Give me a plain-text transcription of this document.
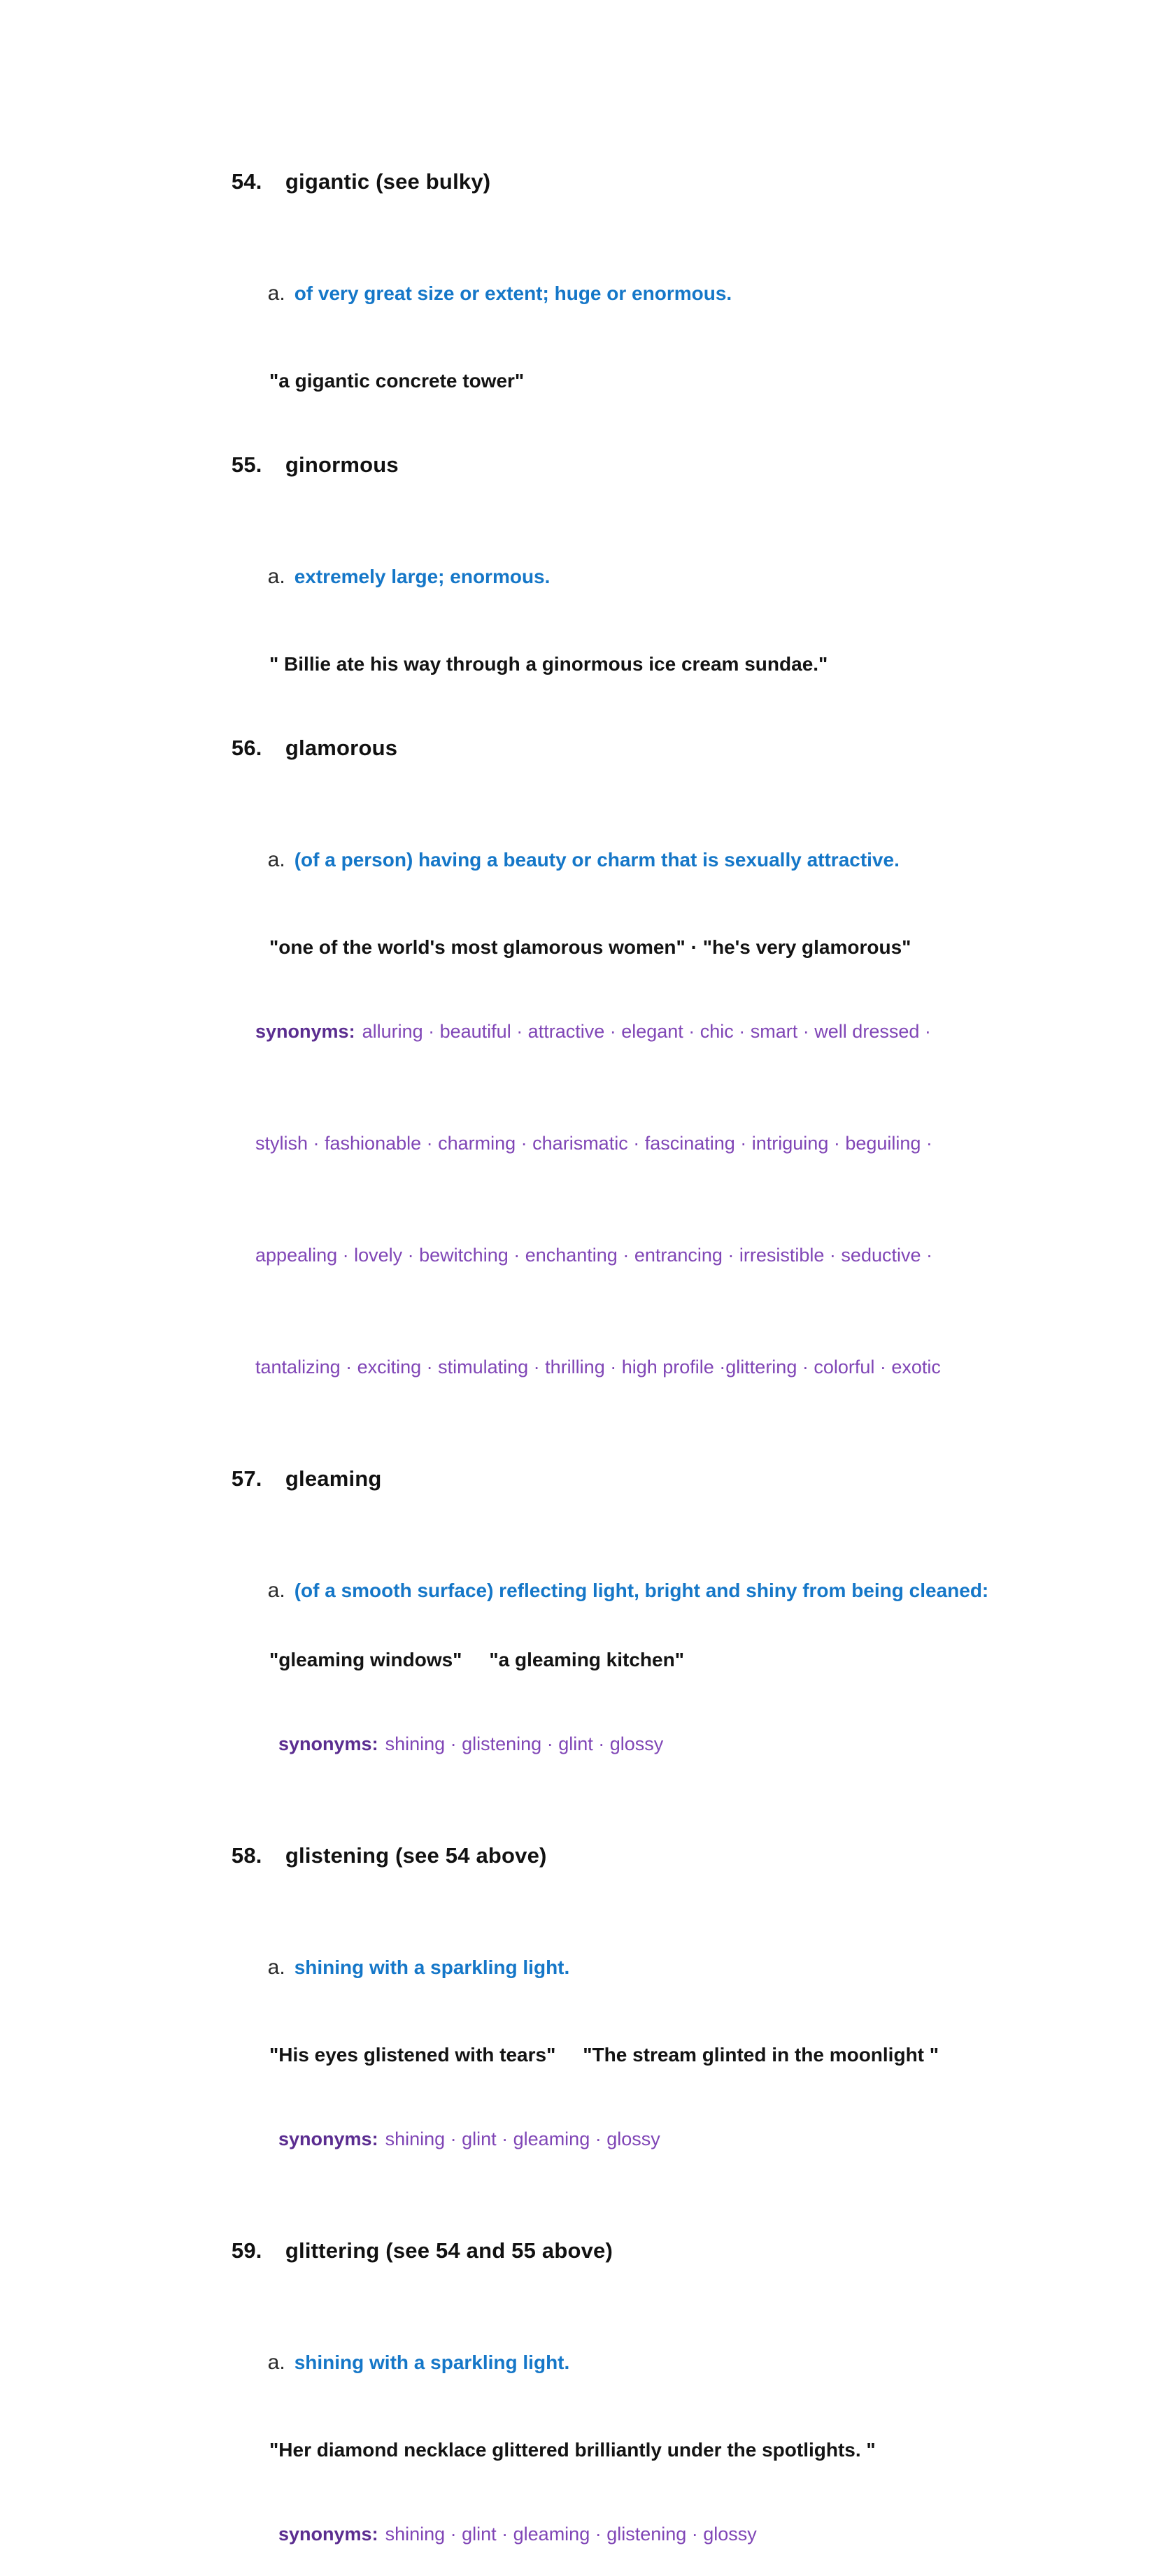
54. gigantic (see bulky)

a. of very great size or extent; huge or enormous.

"a gigantic concrete tower"

55. ginormous

a. extremely large; enormous.

" Billie ate his way through a ginormous ice cream sundae."

56. glamorous

a. (of a person) having a beauty or charm that is sexually attractive.

"one of the world's most glamorous women" · "he's very glamorous"

synonyms: alluring · beautiful · attractive · elegant · chic · smart · well dressed ·

stylish · fashionable · charming · charismatic · fascinating · intriguing · beguiling ·

appealing · lovely · bewitching · enchanting · entrancing · irresistible · seductive ·

tantalizing · exciting · stimulating · thrilling · high profile ·glittering · colorful · exotic

57. gleaming

a. (of a smooth surface) reflecting light, bright and shiny from being cleaned:

"gleaming windows"     "a gleaming kitchen"

synonyms: shining · glistening · glint · glossy

58. glistening (see 54 above)

a. shining with a sparkling light.

"His eyes glistened with tears"     "The stream glinted in the moonlight "

synonyms: shining · glint · gleaming · glossy

59. glittering (see 54 and 55 above)

a. shining with a sparkling light.

"Her diamond necklace glittered brilliantly under the spotlights. "

synonyms: shining · glint · gleaming · glistening · glossy
